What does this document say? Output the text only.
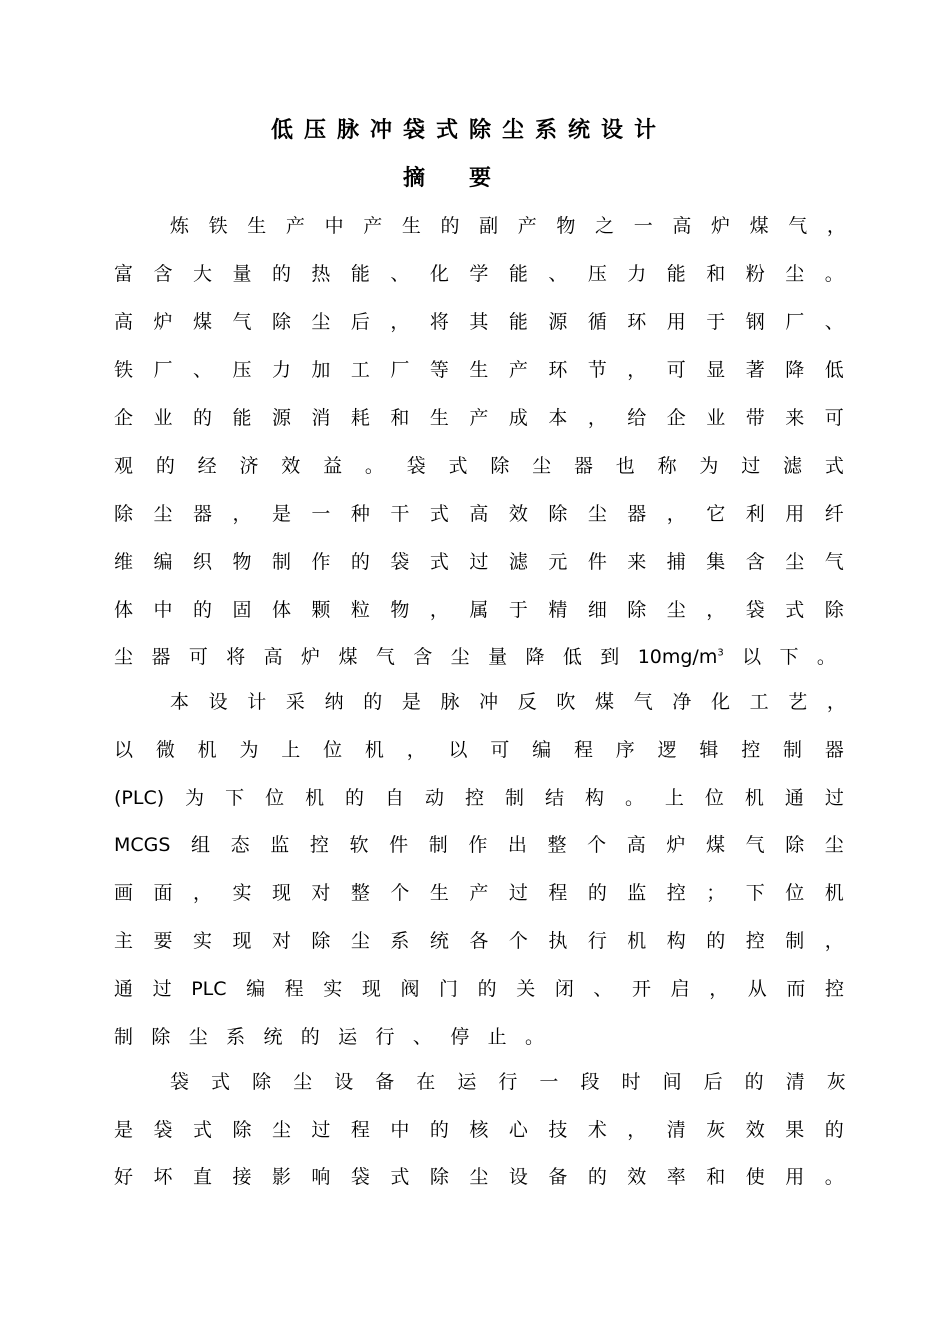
低压脉冲袋式除尘系统设计
摘要
炼 铁 生 产 中 产 生 的 副 产 物 之 一 高 炉 煤 气 ，
富 含 大 量 的 热 能 、 化 学 能 、 压 力 能 和 粉 尘 。
高 炉 煤 气 除 尘 后 ， 将 其 能 源 循 环 用 于 钢 厂 、
铁 厂 、 压 力 加 工 厂 等 生 产 环 节 ， 可 显 著 降 低
企 业 的 能 源 消 耗 和 生 产 成 本 ， 给 企 业 带 来 可
观 的 经 济 效 益 。 袋 式 除 尘 器 也 称 为 过 滤 式
除 尘 器 ， 是 一 种 干 式 高 效 除 尘 器 ， 它 利 用 纤
维 编 织 物 制 作 的 袋 式 过 滤 元 件 来 捕 集 含 尘 气
体 中 的 固 体 颗 粒 物 ， 属 于 精 细 除 尘 ， 袋 式 除
尘 器 可 将 高 炉 煤 气 含 尘 量 降 低 到 $10mg/m^3$ 以 下 。
本 设 计 采 纳 的 是 脉 冲 反 吹 煤 气 净 化 工 艺 ，
以 微 机 为 上 位 机 ， 以 可 编 程 序 逻 辑 控 制 器
(PLC) 为 下 位 机 的 自 动 控 制 结 构 。 上 位 机 通 过
MCGS 组 态 监 控 软 件 制 作 出 整 个 高 炉 煤 气 除 尘
画 面 ， 实 现 对 整 个 生 产 过 程 的 监 控 ； 下 位 机
主 要 实 现 对 除 尘 系 统 各 个 执 行 机 构 的 控 制 ，
通 过 PLC 编 程 实 现 阀 门 的 关 闭 、 开 启 ， 从 而 控
制 除 尘 系 统 的 运 行 、 停 止 。
袋 式 除 尘 设 备 在 运 行 一 段 时 间 后 的 清 灰
是 袋 式 除 尘 过 程 中 的 核 心 技 术 ， 清 灰 效 果 的
好 坏 直 接 影 响 袋 式 除 尘 设 备 的 效 率 和 使 用 。
